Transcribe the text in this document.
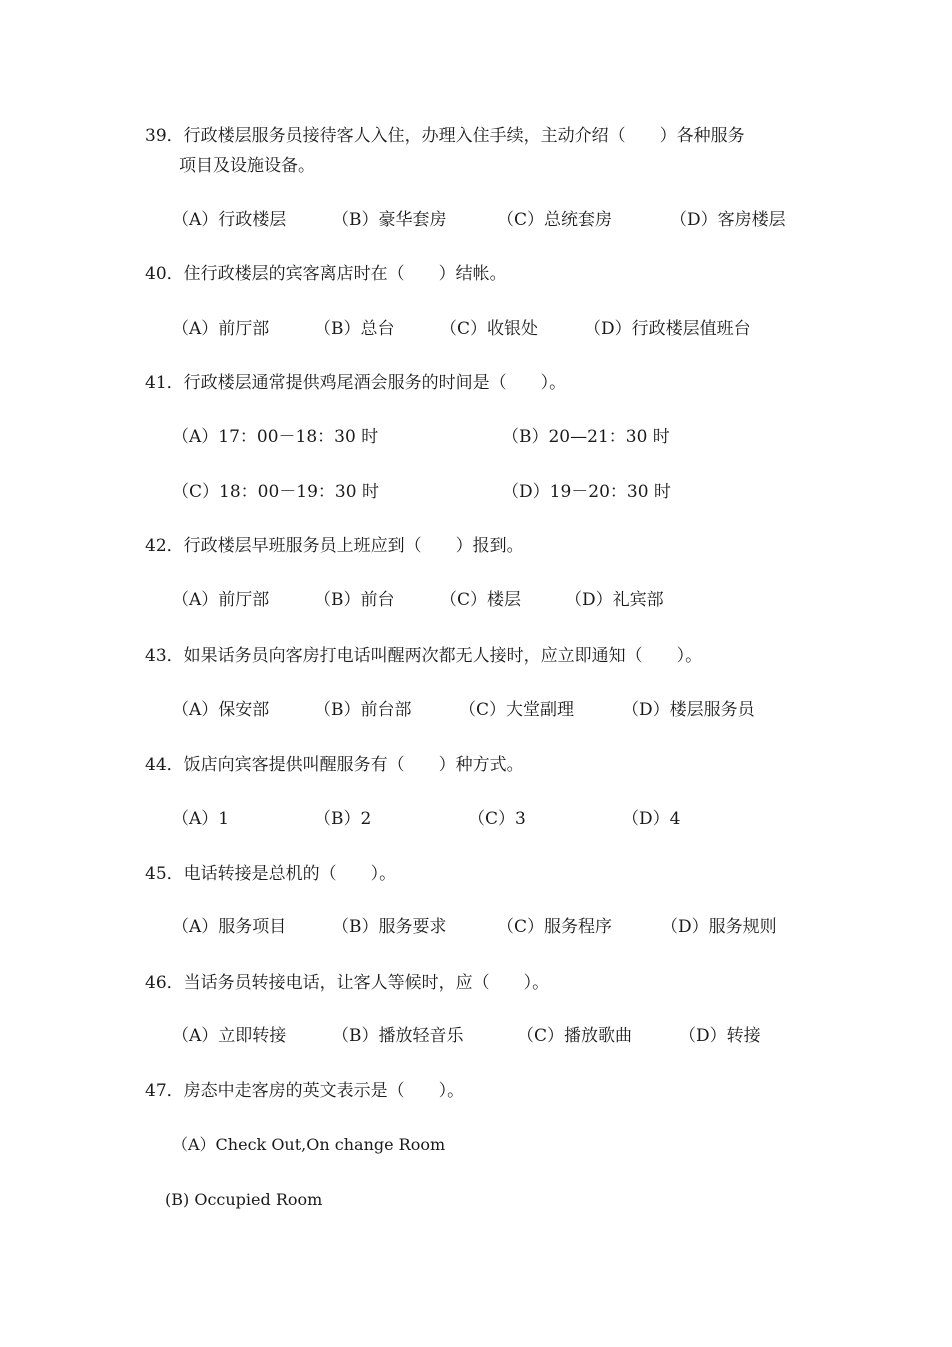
39．行政楼层服务员接待客人入住，办理入住手续，主动介绍（　　）各种服务
项目及设施设备。
（A）行政楼层	（B）豪华套房	（C）总统套房	（D）客房楼层
40．住行政楼层的宾客离店时在（　　）结帐。
（A）前厅部	（B）总台	（C）收银处	（D）行政楼层值班台
41．行政楼层通常提供鸡尾酒会服务的时间是（　　）。
（A）17：00－18：30 时	（B）20—21：30 时
（C）18：00－19：30 时	（D）19－20：30 时
42．行政楼层早班服务员上班应到（　　）报到。
（A）前厅部	（B）前台	（C）楼层	（D）礼宾部
43．如果话务员向客房打电话叫醒两次都无人接时，应立即通知（　　）。
（A）保安部	（B）前台部	（C）大堂副理	（D）楼层服务员
44．饭店向宾客提供叫醒服务有（　　）种方式。
（A）1	（B）2	（C）3	（D）4
45．电话转接是总机的（　　）。
（A）服务项目	（B）服务要求	（C）服务程序	（D）服务规则
46．当话务员转接电话，让客人等候时，应（　　）。
（A）立即转接	（B）播放轻音乐	（C）播放歌曲	（D）转接
47．房态中走客房的英文表示是（　　）。
（A）Check Out,On change Room
(B) Occupied Room
